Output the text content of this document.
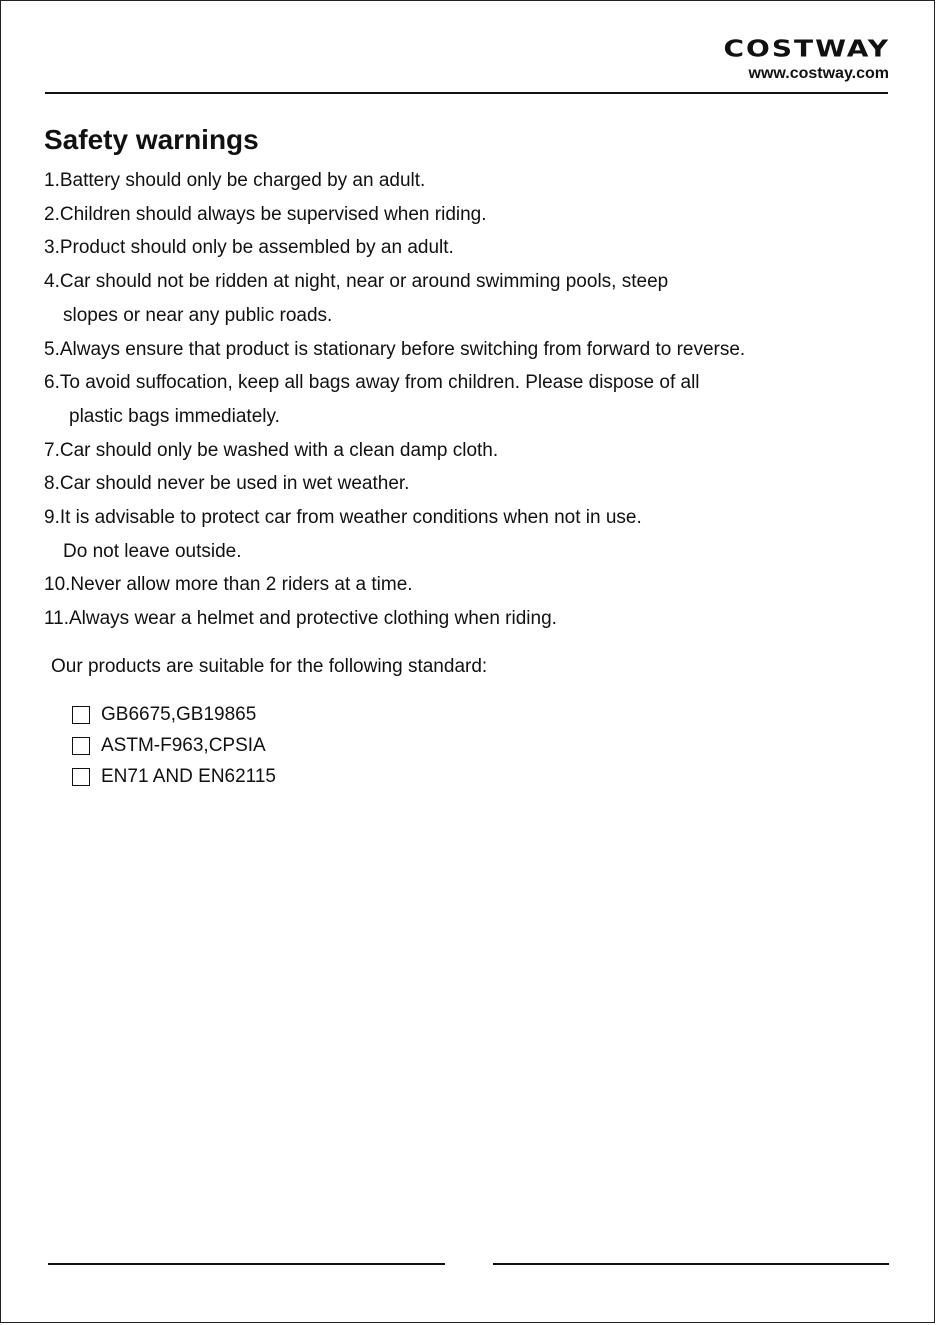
COSTWAY
www.costway.com
Safety warnings
1.Battery should only be charged by an adult.
2.Children should always be supervised when riding.
3.Product should only be assembled by an adult.
4.Car should not be ridden at night, near or around swimming pools, steep
slopes or near any public roads.
5.Always ensure that product is stationary before switching from forward to reverse.
6.To avoid suffocation, keep all bags away from children. Please dispose of all
plastic bags immediately.
7.Car should only be washed with a clean damp cloth.
8.Car should never be used in wet weather.
9.It is advisable to protect car from weather conditions when not in use.
Do not leave outside.
10.Never allow more than 2 riders at a time.
11.Always wear a helmet and protective clothing when riding.
Our products are suitable for the following standard:
GB6675,GB19865
ASTM-F963,CPSIA
EN71 AND EN62115
